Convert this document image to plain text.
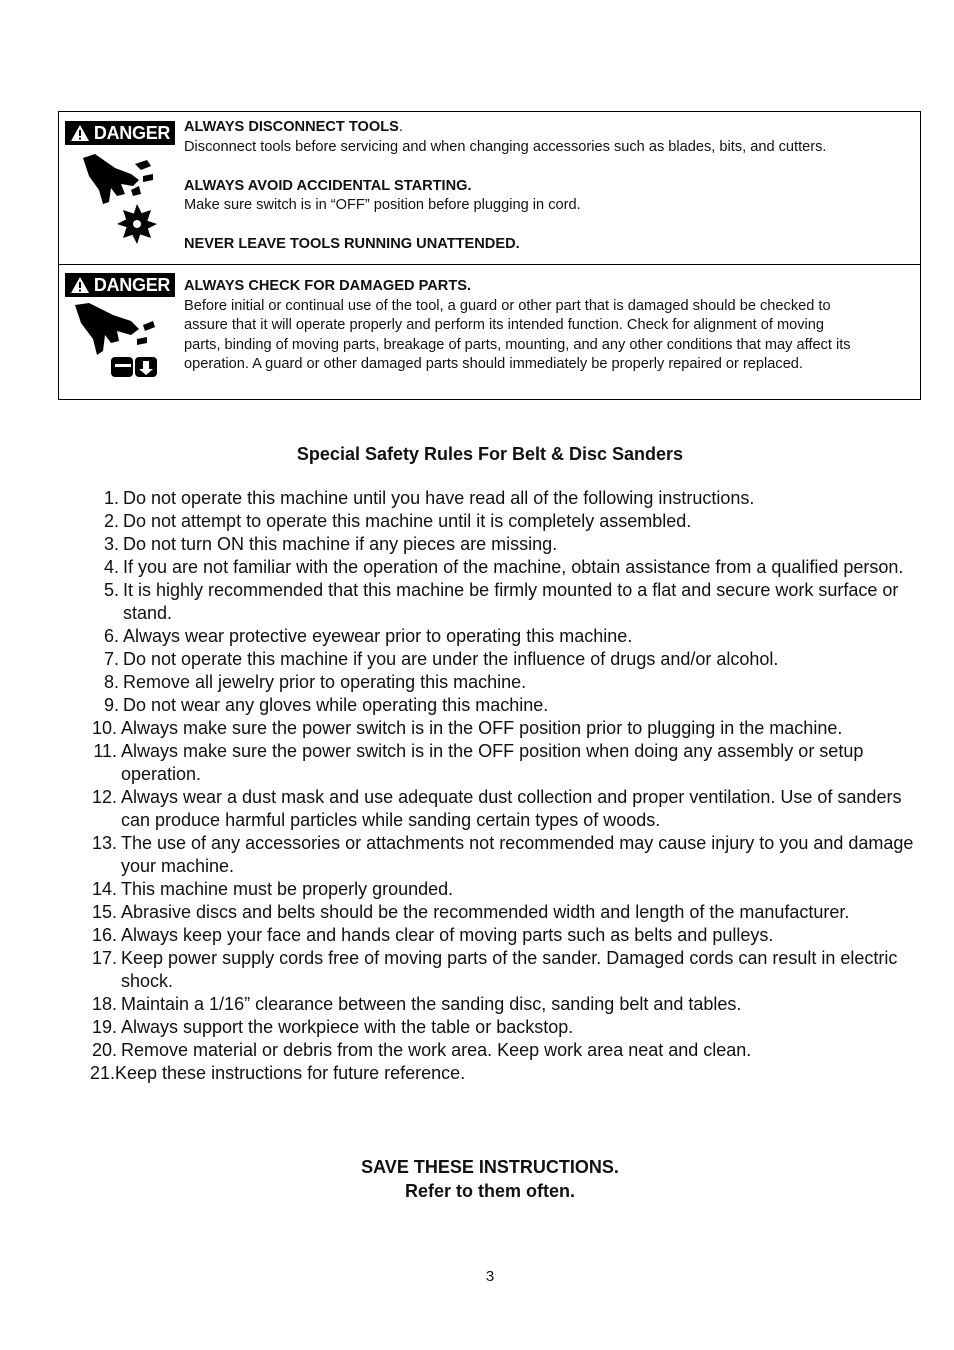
DANGER ALWAYS DISCONNECT TOOLS.
Disconnect tools before servicing and when changing accessories such as blades, bits, and cutters.
ALWAYS AVOID ACCIDENTAL STARTING.
Make sure switch is in “OFF” position before plugging in cord.
NEVER LEAVE TOOLS RUNNING UNATTENDED.
DANGER ALWAYS CHECK FOR DAMAGED PARTS.
Before initial or continual use of the tool, a guard or other part that is damaged should be checked to
assure that it will operate properly and perform its intended function. Check for alignment of moving
parts, binding of moving parts, breakage of parts, mounting, and any other conditions that may affect its
operation. A guard or other damaged parts should immediately be properly repaired or replaced.
Special Safety Rules For Belt & Disc Sanders
1. Do not operate this machine until you have read all of the following instructions.
2. Do not attempt to operate this machine until it is completely assembled.
3. Do not turn ON this machine if any pieces are missing.
4. If you are not familiar with the operation of the machine, obtain assistance from a qualified person.
5. It is highly recommended that this machine be firmly mounted to a flat and secure work surface or stand.
6. Always wear protective eyewear prior to operating this machine.
7. Do not operate this machine if you are under the influence of drugs and/or alcohol.
8. Remove all jewelry prior to operating this machine.
9. Do not wear any gloves while operating this machine.
10. Always make sure the power switch is in the OFF position prior to plugging in the machine.
11. Always make sure the power switch is in the OFF position when doing any assembly or setup operation.
12. Always wear a dust mask and use adequate dust collection and proper ventilation. Use of sanders can produce harmful particles while sanding certain types of woods.
13. The use of any accessories or attachments not recommended may cause injury to you and damage your machine.
14. This machine must be properly grounded.
15. Abrasive discs and belts should be the recommended width and length of the manufacturer.
16. Always keep your face and hands clear of moving parts such as belts and pulleys.
17. Keep power supply cords free of moving parts of the sander. Damaged cords can result in electric shock.
18. Maintain a 1/16” clearance between the sanding disc, sanding belt and tables.
19. Always support the workpiece with the table or backstop.
20. Remove material or debris from the work area. Keep work area neat and clean.
21. Keep these instructions for future reference.
SAVE THESE INSTRUCTIONS.
Refer to them often.
3
